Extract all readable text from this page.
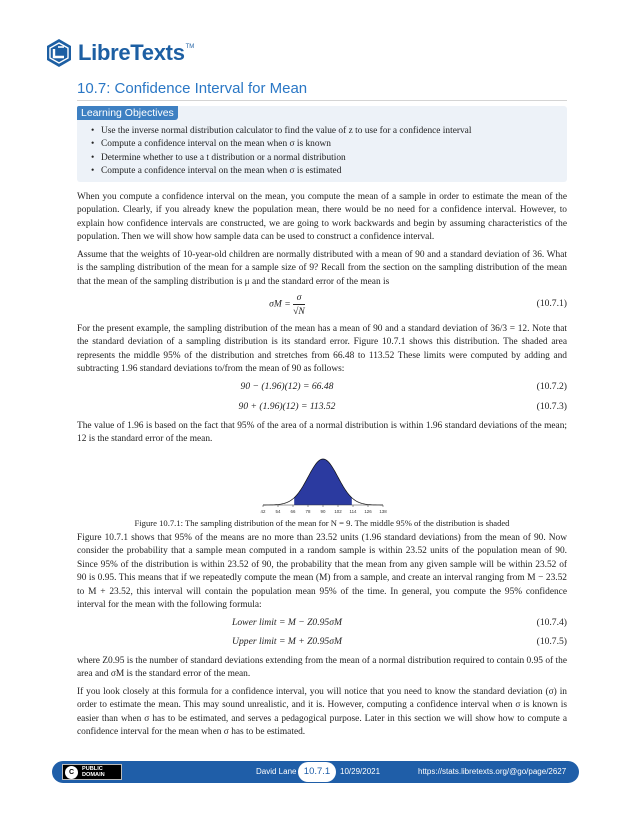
LibreTexts TM
10.7: Confidence Interval for Mean
Learning Objectives
• Use the inverse normal distribution calculator to find the value of z to use for a confidence interval
• Compute a confidence interval on the mean when σ is known
• Determine whether to use a t distribution or a normal distribution
• Compute a confidence interval on the mean when σ is estimated

When you compute a confidence interval on the mean, you compute the mean of a sample in order to estimate the mean of the population. Clearly, if you already knew the population mean, there would be no need for a confidence interval. However, to explain how confidence intervals are constructed, we are going to work backwards and begin by assuming characteristics of the population. Then we will show how sample data can be used to construct a confidence interval.

Assume that the weights of 10-year-old children are normally distributed with a mean of 90 and a standard deviation of 36. What is the sampling distribution of the mean for a sample size of 9? Recall from the section on the sampling distribution of the mean that the mean of the sampling distribution is μ and the standard error of the mean is

$\sigma M = \frac{\sigma}{√N}$	(10.7.1)

For the present example, the sampling distribution of the mean has a mean of 90 and a standard deviation of 36/3 = 12. Note that the standard deviation of a sampling distribution is its standard error. Figure 10.7.1 shows this distribution. The shaded area represents the middle 95% of the distribution and stretches from 66.48 to 113.52 These limits were computed by adding and subtracting 1.96 standard deviations to/from the mean of 90 as follows:

90 − (1.96)(12) = 66.48	(10.7.2)
90 + (1.96)(12) = 113.52	(10.7.3)

The value of 1.96 is based on the fact that 95% of the area of a normal distribution is within 1.96 standard deviations of the mean; 12 is the standard error of the mean.

42 54 66 78 90 102 114 126 138
Figure 10.7.1: The sampling distribution of the mean for N = 9. The middle 95% of the distribution is shaded

Figure 10.7.1 shows that 95% of the means are no more than 23.52 units (1.96 standard deviations) from the mean of 90. Now consider the probability that a sample mean computed in a random sample is within 23.52 units of the population mean of 90. Since 95% of the distribution is within 23.52 of 90, the probability that the mean from any given sample will be within 23.52 of 90 is 0.95. This means that if we repeatedly compute the mean (M) from a sample, and create an interval ranging from M − 23.52 to M + 23.52, this interval will contain the population mean 95% of the time. In general, you compute the 95% confidence interval for the mean with the following formula:

Lower limit = M − Z0.95σM	(10.7.4)
Upper limit = M + Z0.95σM	(10.7.5)

where Z0.95 is the number of standard deviations extending from the mean of a normal distribution required to contain 0.95 of the area and σM is the standard error of the mean.

If you look closely at this formula for a confidence interval, you will notice that you need to know the standard deviation (σ) in order to estimate the mean. This may sound unrealistic, and it is. However, computing a confidence interval when σ is known is easier than when σ has to be estimated, and serves a pedagogical purpose. Later in this section we will show how to compute a confidence interval for the mean when σ has to be estimated.

C	PUBLIC
DOMAIN	David Lane 10.7.1	10/29/2021	https://stats.libretexts.org/@go/page/2627
